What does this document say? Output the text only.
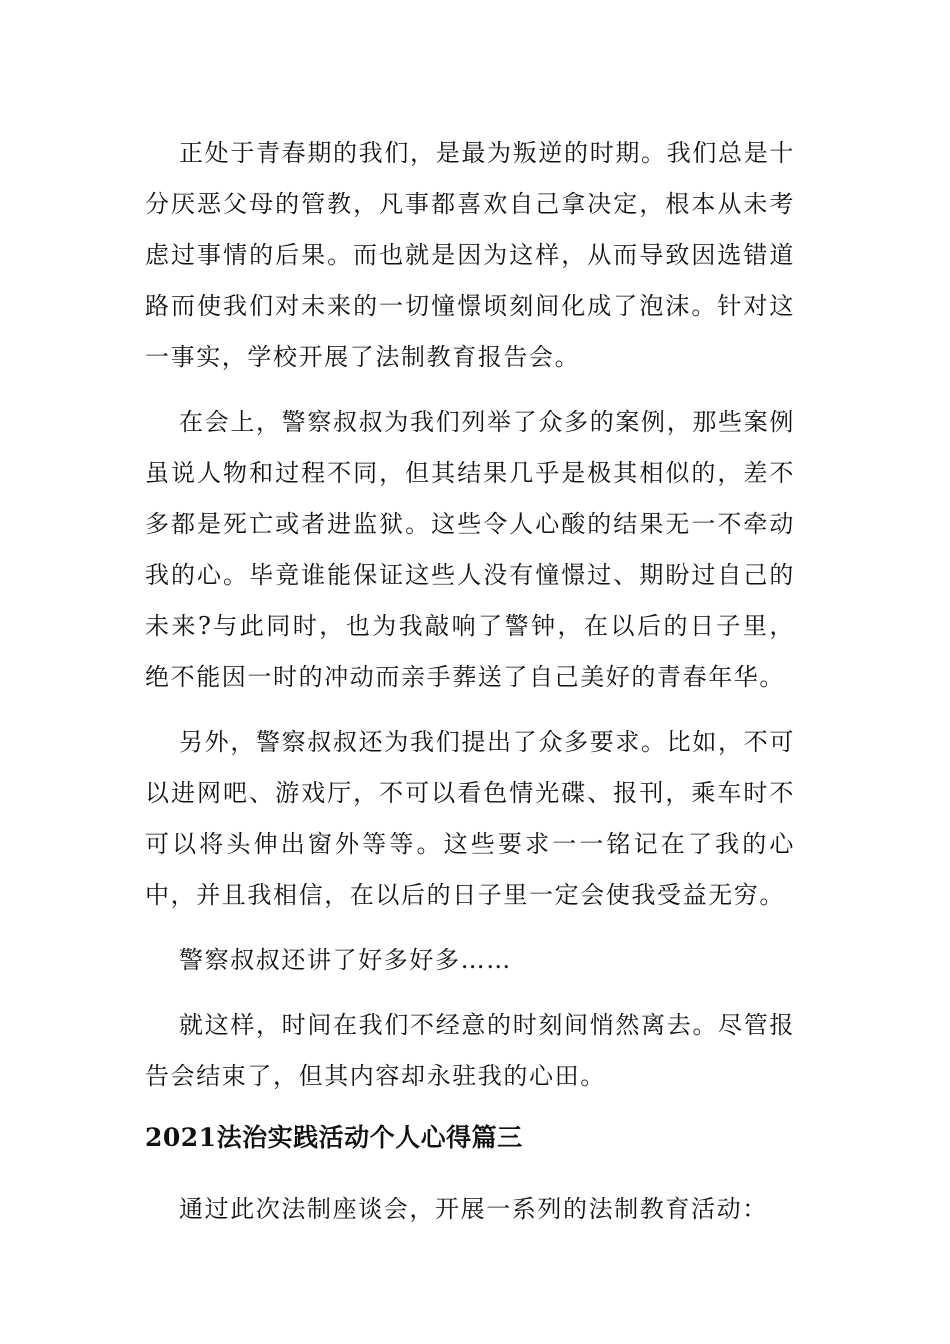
正处于青春期的我们，是最为叛逆的时期。我们总是十分厌恶父母的管教，凡事都喜欢自己拿决定，根本从未考虑过事情的后果。而也就是因为这样，从而导致因选错道路而使我们对未来的一切憧憬顷刻间化成了泡沫。针对这一事实，学校开展了法制教育报告会。

在会上，警察叔叔为我们列举了众多的案例，那些案例虽说人物和过程不同，但其结果几乎是极其相似的，差不多都是死亡或者进监狱。这些令人心酸的结果无一不牵动我的心。毕竟谁能保证这些人没有憧憬过、期盼过自己的未来?与此同时，也为我敲响了警钟，在以后的日子里，绝不能因一时的冲动而亲手葬送了自己美好的青春年华。

另外，警察叔叔还为我们提出了众多要求。比如，不可以进网吧、游戏厅，不可以看色情光碟、报刊，乘车时不可以将头伸出窗外等等。这些要求一一铭记在了我的心中，并且我相信，在以后的日子里一定会使我受益无穷。

警察叔叔还讲了好多好多……

就这样，时间在我们不经意的时刻间悄然离去。尽管报告会结束了，但其内容却永驻我的心田。

2021法治实践活动个人心得篇三

通过此次法制座谈会，开展一系列的法制教育活动：
